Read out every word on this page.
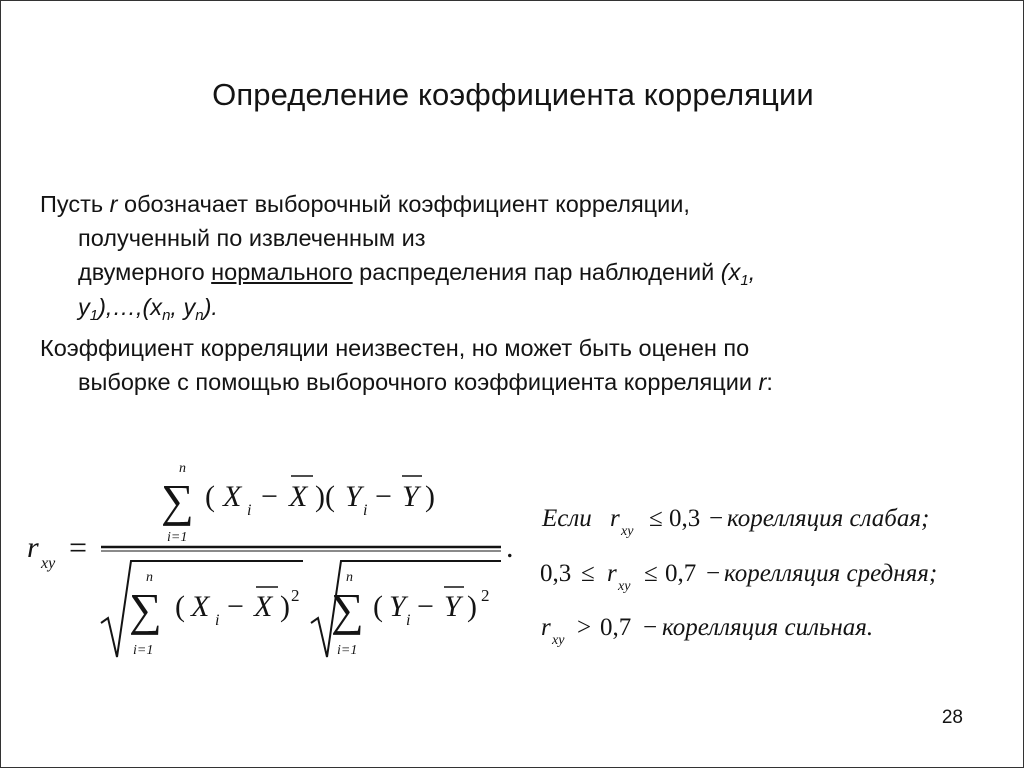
Определение коэффициента корреляции
Пусть r обозначает выборочный коэффициент корреляции,
полученный по извлеченным из
двумерного нормального распределения пар наблюдений ($x_1$,
$y_1),\dots,(x_n$, $y_n$).
Коэффициент корреляции неизвестен, но может быть оценен по
выборке с помощью выборочного коэффициента корреляции r:
r xy =	.
n
∑
i=1
( X i − X )( Y i − Y )
n
∑
i=1
( X i − X ) 2
n
∑
i=1
( Y i − Y ) 2
Если r xy ≤ 0,3 − корелляция слабая;
0,3 ≤ r xy ≤ 0,7 − корелляция средняя;
r xy > 0,7 − корелляция сильная.
28
